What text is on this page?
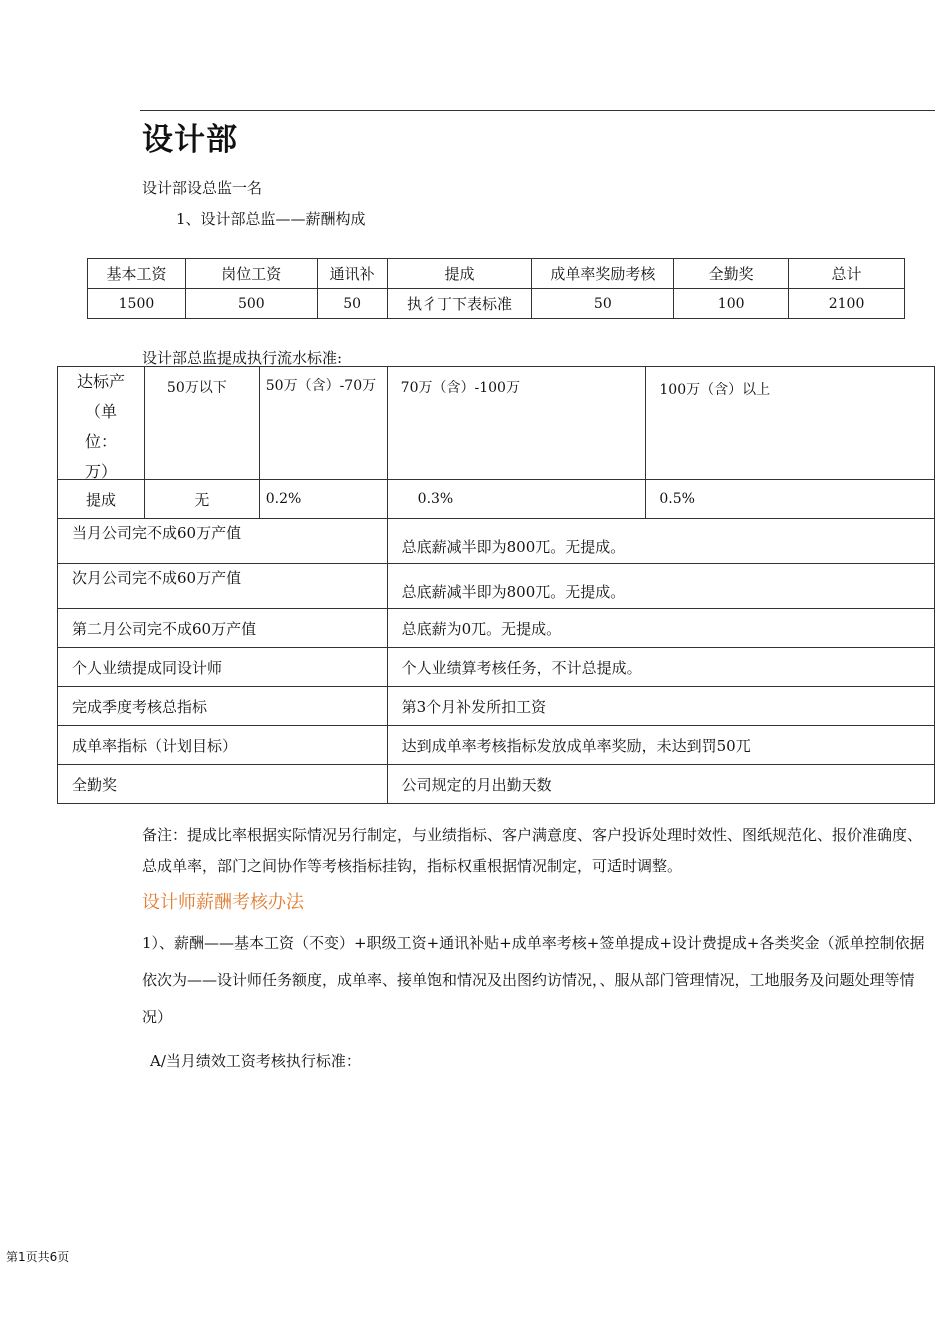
设计部
设计部设总监一名
1、设计部总监——薪酬构成
基本工资	岗位工资	通讯补	提成	成单率奖励考核	全勤奖	总计
1500	500	50	执彳丁下表标准	50	100	2100
设计部总监提成执行流水标准:
达标产
（单
位：
万）	50万以下	50万（含）-70万	70万（含）-100万	100万（含）以上
提成	无	0.2%	0.3%	0.5%
当月公司完不成60万产值	总底薪减半即为800兀。无提成。
次月公司完不成60万产值	总底薪减半即为800兀。无提成。
第二月公司完不成60万产值	总底薪为0兀。无提成。
个人业绩提成同设计师	个人业绩算考核任务，不计总提成。
完成季度考核总指标	第3个月补发所扣工资
成单率指标（计划目标）	达到成单率考核指标发放成单率奖励，未达到罚50兀
全勤奖	公司规定的月出勤天数
备注：提成比率根据实际情况另行制定，与业绩指标、客户满意度、客户投诉处理时效性、图纸规范化、报价准确度、总成单率，部门之间协作等考核指标挂钩，指标权重根据情况制定，可适时调整。
设计师薪酬考核办法
1）、薪酬——基本工资（不变）+职级工资+通讯补贴+成单率考核+签单提成+设计费提成+各类奖金（派单控制依据依次为——设计师任务额度，成单率、接单饱和情况及出图约访情况，、服从部门管理情况，工地服务及问题处理等情况）
A/当月绩效工资考核执行标准：
第1页共6页
